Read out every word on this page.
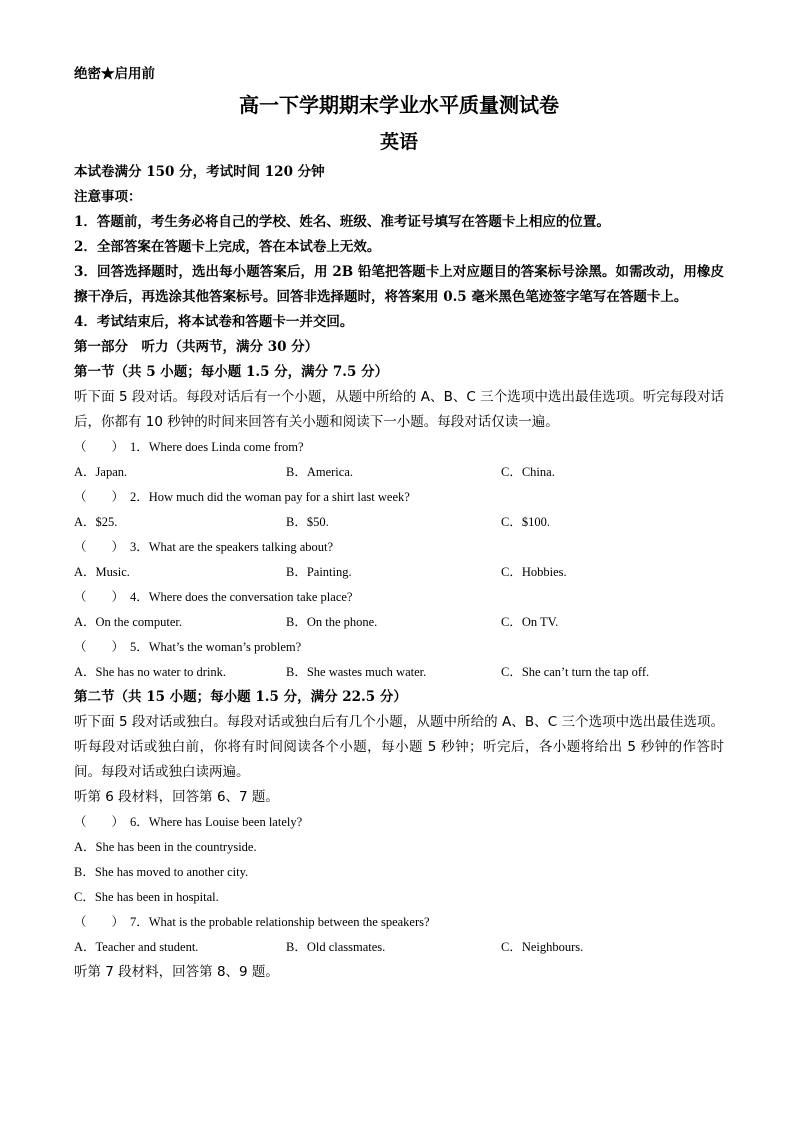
绝密★启用前
高一下学期期末学业水平质量测试卷
英语
本试卷满分 150 分，考试时间 120 分钟
注意事项：
1．答题前，考生务必将自己的学校、姓名、班级、准考证号填写在答题卡上相应的位置。
2．全部答案在答题卡上完成，答在本试卷上无效。
3．回答选择题时，选出每小题答案后，用 2B 铅笔把答题卡上对应题目的答案标号涂黑。如需改动，用橡皮擦干净后，再选涂其他答案标号。回答非选择题时，将答案用 0.5 毫米黑色笔迹签字笔写在答题卡上。
4．考试结束后，将本试卷和答题卡一并交回。
第一部分　听力（共两节，满分 30 分）
第一节（共 5 小题；每小题 1.5 分，满分 7.5 分）
听下面 5 段对话。每段对话后有一个小题，从题中所给的 A、B、C 三个选项中选出最佳选项。听完每段对话后，你都有 10 秒钟的时间来回答有关小题和阅读下一小题。每段对话仅读一遍。
（　　） 1．Where does Linda come from?
A．Japan.	B．America.	C．China.
（　　） 2．How much did the woman pay for a shirt last week?
A．$25.	B．$50.	C．$100.
（　　） 3．What are the speakers talking about?
A．Music.	B．Painting.	C．Hobbies.
（　　） 4．Where does the conversation take place?
A．On the computer.	B．On the phone.	C．On TV.
（　　） 5．What’s the woman’s problem?
A．She has no water to drink.	B．She wastes much water.	C．She can’t turn the tap off.
第二节（共 15 小题；每小题 1.5 分，满分 22.5 分）
听下面 5 段对话或独白。每段对话或独白后有几个小题，从题中所给的 A、B、C 三个选项中选出最佳选项。听每段对话或独白前，你将有时间阅读各个小题，每小题 5 秒钟；听完后，各小题将给出 5 秒钟的作答时间。每段对话或独白读两遍。
听第 6 段材料，回答第 6、7 题。
（　　） 6．Where has Louise been lately?
A．She has been in the countryside.
B．She has moved to another city.
C．She has been in hospital.
（　　） 7．What is the probable relationship between the speakers?
A．Teacher and student.	B．Old classmates.	C．Neighbours.
听第 7 段材料，回答第 8、9 题。
